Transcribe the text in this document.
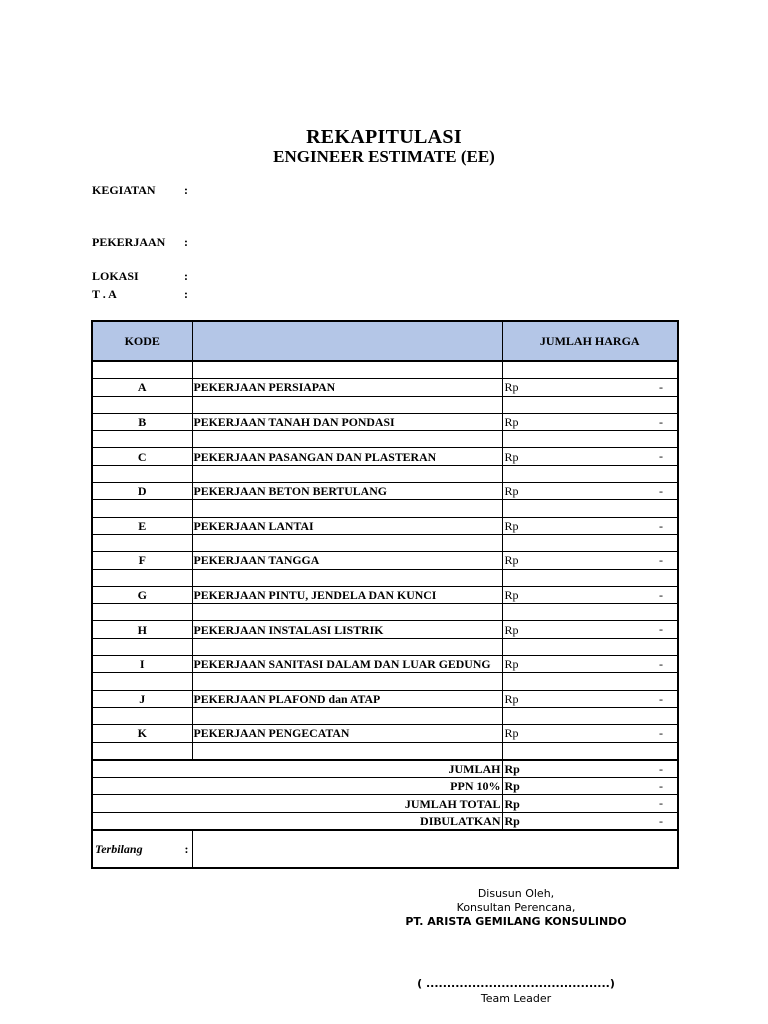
REKAPITULASI
ENGINEER ESTIMATE (EE)
KEGIATAN :
PEKERJAAN :
LOKASI	:
T . A	:
KODE		JUMLAH HARGA

A	PEKERJAAN PERSIAPAN	Rp -

B	PEKERJAAN TANAH DAN PONDASI	Rp -

C	PEKERJAAN PASANGAN DAN PLASTERAN	Rp -

D	PEKERJAAN BETON BERTULANG	Rp -

E	PEKERJAAN LANTAI	Rp -

F	PEKERJAAN TANGGA	Rp -

G	PEKERJAAN PINTU, JENDELA DAN KUNCI	Rp -

H	PEKERJAAN INSTALASI LISTRIK	Rp -

I	PEKERJAAN SANITASI DALAM DAN LUAR GEDUNG	Rp -

J	PEKERJAAN PLAFOND dan ATAP	Rp -

K	PEKERJAAN PENGECATAN	Rp -

JUMLAH		Rp -

PPN 10%		Rp -

JUMLAH TOTAL		Rp -

DIBULATKAN		Rp -

Terbilang :		

Disusun Oleh,
Konsultan Perencana,
PT. ARISTA GEMILANG KONSULINDO
( ............................................)
Team Leader
